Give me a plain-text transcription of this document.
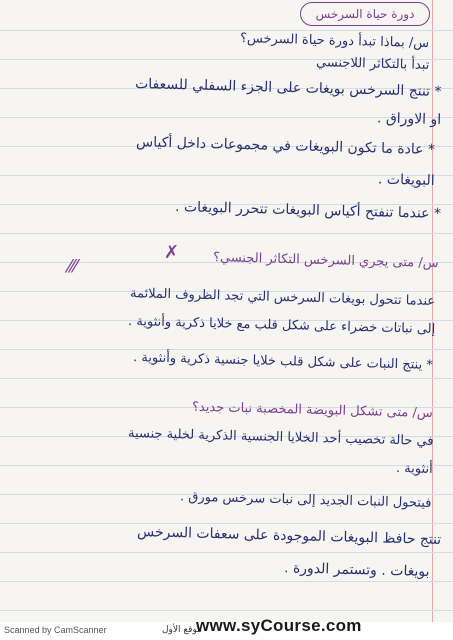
دورة حياة السرخس
س/ بماذا تبدأ دورة حياة السرخس؟
تبدأ بالتكاثر اللاجنسي
* تنتج السرخس بويغات على الجزء السفلي للسعفات
او الاوراق .
* عادة ما تكون البويغات في مجموعات داخل أكياس
البويغات .
* عندما تنفتح أكياس البويغات تتحرر البويغات .
س/ متى يجري السرخس التكاثر الجنسي؟
عندما تتحول بويغات السرخس التي تجد الظروف الملائمة
إلى نباتات خضراء على شكل قلب مع خلايا ذكرية وأنثوية .
* ينتج النبات على شكل قلب خلايا جنسية ذكرية وأنثوية .
س/ متى تشكل البويضة المخصبة نبات جديد؟
في حالة تخصيب أحد الخلايا الجنسية الذكرية لخلية جنسية
أنثوية .
فيتحول النبات الجديد إلى نبات سرخس مورق .
تنتج حافظ البويغات الموجودة على سعفات السرخس
بويغات . وتستمر الدورة .
⁄⁄⁄
✗
Scanned by CamScanner	موقع الأول
www.syCourse.com
